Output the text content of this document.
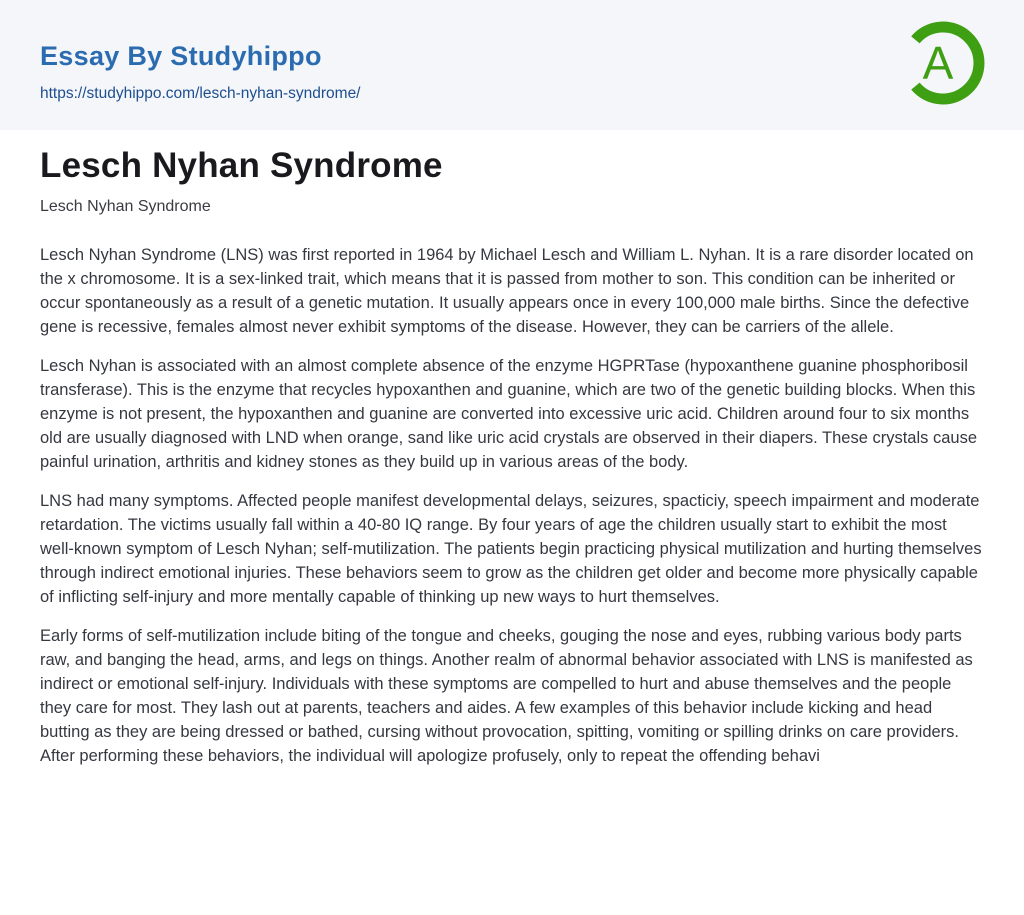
Essay By Studyhippo
https://studyhippo.com/lesch-nyhan-syndrome/
A
Lesch Nyhan Syndrome

Lesch Nyhan Syndrome

Lesch Nyhan Syndrome (LNS) was first reported in 1964 by Michael Lesch and William L. Nyhan. It is a rare disorder located on the x chromosome. It is a sex-linked trait, which means that it is passed from mother to son. This condition can be inherited or occur spontaneously as a result of a genetic mutation. It usually appears once in every 100,000 male births. Since the defective gene is recessive, females almost never exhibit symptoms of the disease. However, they can be carriers of the allele.

Lesch Nyhan is associated with an almost complete absence of the enzyme HGPRTase (hypoxanthene guanine phosphoribosil transferase). This is the enzyme that recycles hypoxanthen and guanine, which are two of the genetic building blocks. When this enzyme is not present, the hypoxanthen and guanine are converted into excessive uric acid. Children around four to six months old are usually diagnosed with LND when orange, sand like uric acid crystals are observed in their diapers. These crystals cause painful urination, arthritis and kidney stones as they build up in various areas of the body.

LNS had many symptoms. Affected people manifest developmental delays, seizures, spacticiy, speech impairment and moderate retardation. The victims usually fall within a 40-80 IQ range. By four years of age the children usually start to exhibit the most well-known symptom of Lesch Nyhan; self-mutilization. The patients begin practicing physical mutilization and hurting themselves through indirect emotional injuries. These behaviors seem to grow as the children get older and become more physically capable of inflicting self-injury and more mentally capable of thinking up new ways to hurt themselves.

Early forms of self-mutilization include biting of the tongue and cheeks, gouging the nose and eyes, rubbing various body parts raw, and banging the head, arms, and legs on things. Another realm of abnormal behavior associated with LNS is manifested as indirect or emotional self-injury. Individuals with these symptoms are compelled to hurt and abuse themselves and the people they care for most. They lash out at parents, teachers and aides. A few examples of this behavior include kicking and head butting as they are being dressed or bathed, cursing without provocation, spitting, vomiting or spilling drinks on care providers. After performing these behaviors, the individual will apologize profusely, only to repeat the offending behavi
